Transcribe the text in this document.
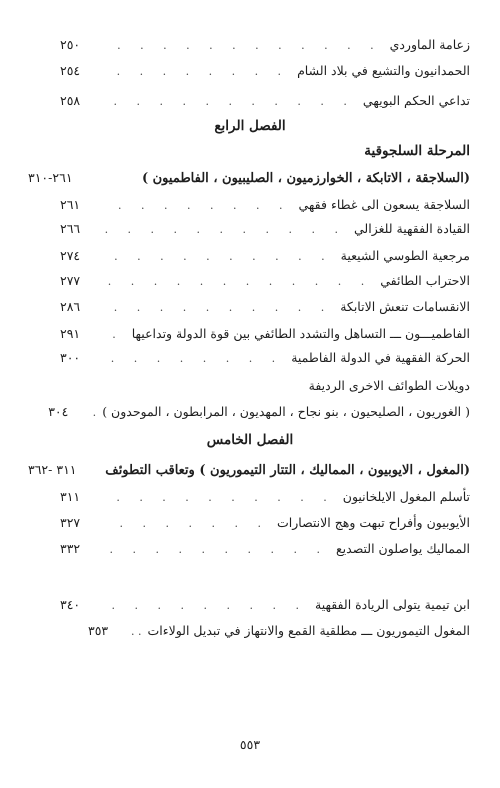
زعامة الماوردي
. . .
٢٥٠
الحمدانيون والتشيع في بلاد الشام
. . .
٢٥٤
تداعي الحكم البويهي
. . .
٢٥٨
الفصل الرابع
المرحلة السلجوقية
(السلاجقة ، الاتابكة ، الخوارزميون ، الصليبيون ، الفاطميون )
٢٦١-٣١٠
السلاجقة يسعون الى غطاء فقهي
. . .
٢٦١
القيادة الفقهية للغزالي
. . .
٢٦٦
مرجعية الطوسي الشيعية
. . .
٢٧٤
الاحتراب الطائفي
. . .
٢٧٧
الانقسامات تنعش الاتابكة
. . .
٢٨٦
الفاطميـــون ـــ التساهل والتشدد الطائفي بين قوة الدولة وتداعيها
. . .
٢٩١
الحركة الفقهية في الدولة الفاطمية
. . .
٣٠٠
دويلات الطوائف الاخرى الرديفة
( الغوريون ، الصليحيون ، بنو نجاح ، المهديون ، المرابطون ، الموحدون )
. . .
٣٠٤
الفصل الخامس
(المغول ، الايوبيون ، المماليك ، التتار التيموريون ) وتعاقب التطوئف
٣١١ -٣٦٢
تأسلم المغول الايلخانيون
. . .
٣١١
الأيوبيون وأفراح تبهت وهج الانتصارات
. . .
٣٢٧
المماليك يواصلون التصديع
. . .
٣٣٢
ابن تيمية يتولى الريادة الفقهية
. . .
٣٤٠
المغول التيموريون ـــ مطلقية القمع والانتهاز في تبديل الولاءات
. . .
٣٥٣
٥٥٣
